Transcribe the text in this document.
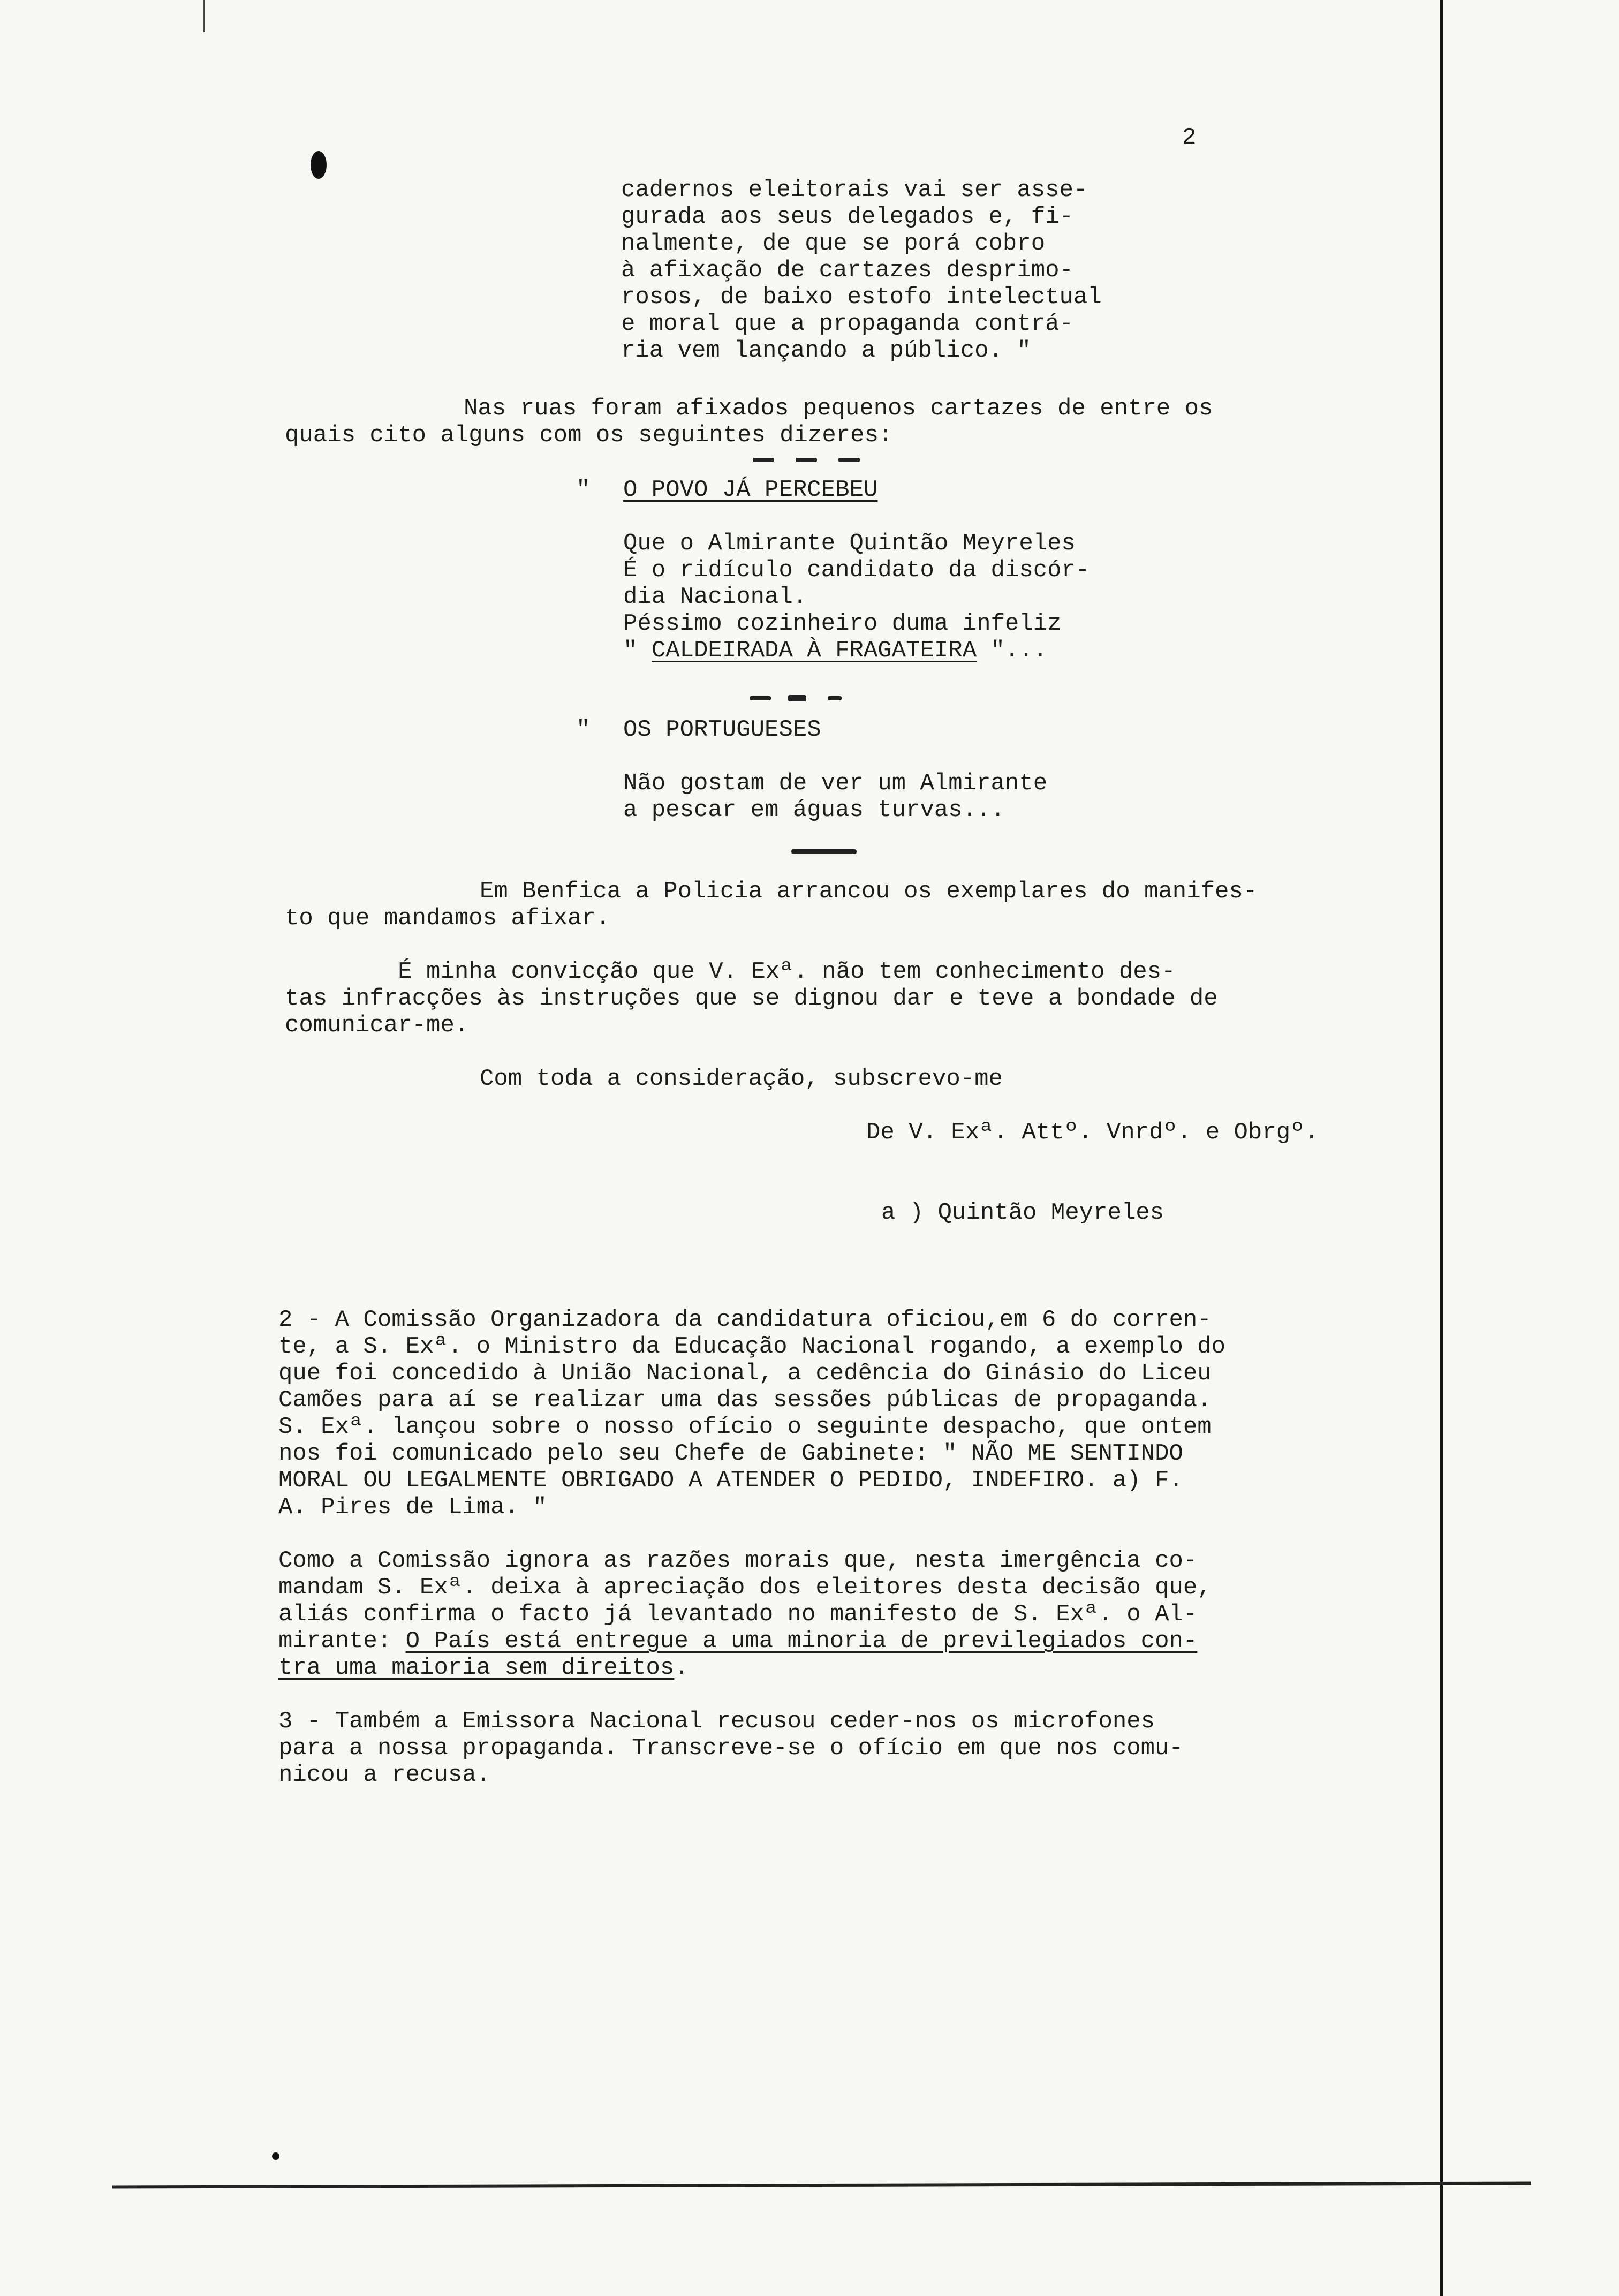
2
cadernos eleitorais vai ser asse-
gurada aos seus delegados e, fi-
nalmente, de que se porá cobro
à afixação de cartazes desprimo-
rosos, de baixo estofo intelectual
e moral que a propaganda contrá-
ria vem lançando a público. "
Nas ruas foram afixados pequenos cartazes de entre os
quais cito alguns com os seguintes dizeres:
" O POVO JÁ PERCEBEU
Que o Almirante Quintão Meyreles
É o ridículo candidato da discór-
dia Nacional.
Péssimo cozinheiro duma infeliz
" CALDEIRADA À FRAGATEIRA "...
" OS PORTUGUESES
Não gostam de ver um Almirante
a pescar em águas turvas...
Em Benfica a Policia arrancou os exemplares do manifes-
to que mandamos afixar.
É minha convicção que V. Exª. não tem conhecimento des-
tas infracções às instruções que se dignou dar e teve a bondade de
comunicar-me.
Com toda a consideração, subscrevo-me
De V. Exª. Attº. Vnrdº. e Obrgº.
a ) Quintão Meyreles
2 - A Comissão Organizadora da candidatura oficiou,em 6 do corren-
te, a S. Exª. o Ministro da Educação Nacional rogando, a exemplo do
que foi concedido à União Nacional, a cedência do Ginásio do Liceu
Camões para aí se realizar uma das sessões públicas de propaganda.
S. Exª. lançou sobre o nosso ofício o seguinte despacho, que ontem
nos foi comunicado pelo seu Chefe de Gabinete: " NÃO ME SENTINDO
MORAL OU LEGALMENTE OBRIGADO A ATENDER O PEDIDO, INDEFIRO. a) F.
A. Pires de Lima. "
Como a Comissão ignora as razões morais que, nesta imergência co-
mandam S. Exª. deixa à apreciação dos eleitores desta decisão que,
aliás confirma o facto já levantado no manifesto de S. Exª. o Al-
mirante: O País está entregue a uma minoria de previlegiados con-
tra uma maioria sem direitos.
3 - Também a Emissora Nacional recusou ceder-nos os microfones
para a nossa propaganda. Transcreve-se o ofício em que nos comu-
nicou a recusa.
